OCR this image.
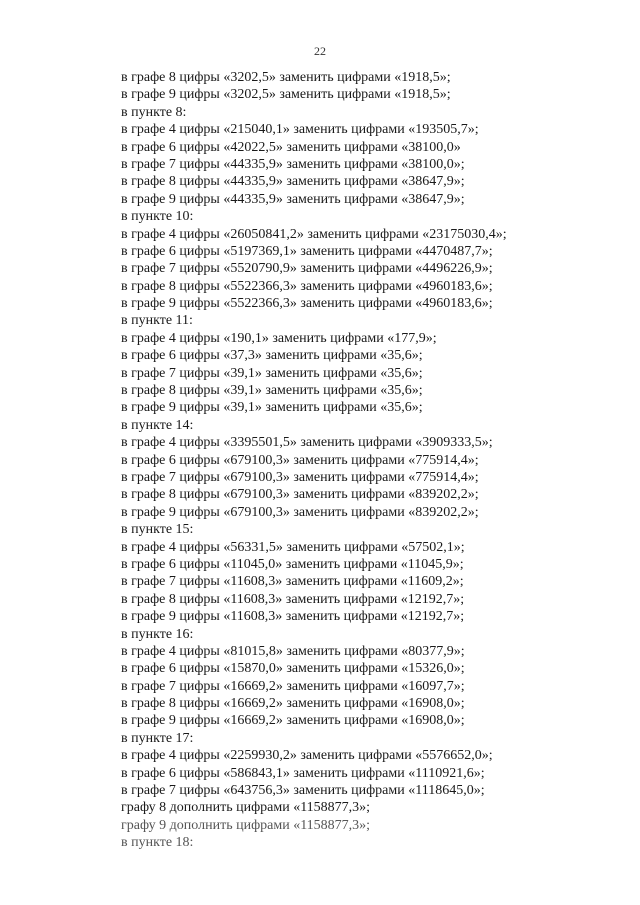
22
в графе 8 цифры «3202,5» заменить цифрами «1918,5»;
в графе 9 цифры «3202,5» заменить цифрами «1918,5»;
в пункте 8:
в графе 4 цифры «215040,1» заменить цифрами «193505,7»;
в графе 6 цифры «42022,5» заменить цифрами «38100,0»
в графе 7 цифры «44335,9» заменить цифрами «38100,0»;
в графе 8 цифры «44335,9» заменить цифрами «38647,9»;
в графе 9 цифры «44335,9» заменить цифрами «38647,9»;
в пункте 10:
в графе 4 цифры «26050841,2» заменить цифрами «23175030,4»;
в графе 6 цифры «5197369,1» заменить цифрами «4470487,7»;
в графе 7 цифры «5520790,9» заменить цифрами «4496226,9»;
в графе 8 цифры «5522366,3» заменить цифрами «4960183,6»;
в графе 9 цифры «5522366,3» заменить цифрами «4960183,6»;
в пункте 11:
в графе 4 цифры «190,1» заменить цифрами «177,9»;
в графе 6 цифры «37,3» заменить цифрами «35,6»;
в графе 7 цифры «39,1» заменить цифрами «35,6»;
в графе 8 цифры «39,1» заменить цифрами «35,6»;
в графе 9 цифры «39,1» заменить цифрами «35,6»;
в пункте 14:
в графе 4 цифры «3395501,5» заменить цифрами «3909333,5»;
в графе 6 цифры «679100,3» заменить цифрами «775914,4»;
в графе 7 цифры «679100,3» заменить цифрами «775914,4»;
в графе 8 цифры «679100,3» заменить цифрами «839202,2»;
в графе 9 цифры «679100,3» заменить цифрами «839202,2»;
в пункте 15:
в графе 4 цифры «56331,5» заменить цифрами «57502,1»;
в графе 6 цифры «11045,0» заменить цифрами «11045,9»;
в графе 7 цифры «11608,3» заменить цифрами «11609,2»;
в графе 8 цифры «11608,3» заменить цифрами «12192,7»;
в графе 9 цифры «11608,3» заменить цифрами «12192,7»;
в пункте 16:
в графе 4 цифры «81015,8» заменить цифрами «80377,9»;
в графе 6 цифры «15870,0» заменить цифрами «15326,0»;
в графе 7 цифры «16669,2» заменить цифрами «16097,7»;
в графе 8 цифры «16669,2» заменить цифрами «16908,0»;
в графе 9 цифры «16669,2» заменить цифрами «16908,0»;
в пункте 17:
в графе 4 цифры «2259930,2» заменить цифрами «5576652,0»;
в графе 6 цифры «586843,1» заменить цифрами «1110921,6»;
в графе 7 цифры «643756,3» заменить цифрами «1118645,0»;
графу 8 дополнить цифрами «1158877,3»;
графу 9 дополнить цифрами «1158877,3»;
в пункте 18:
